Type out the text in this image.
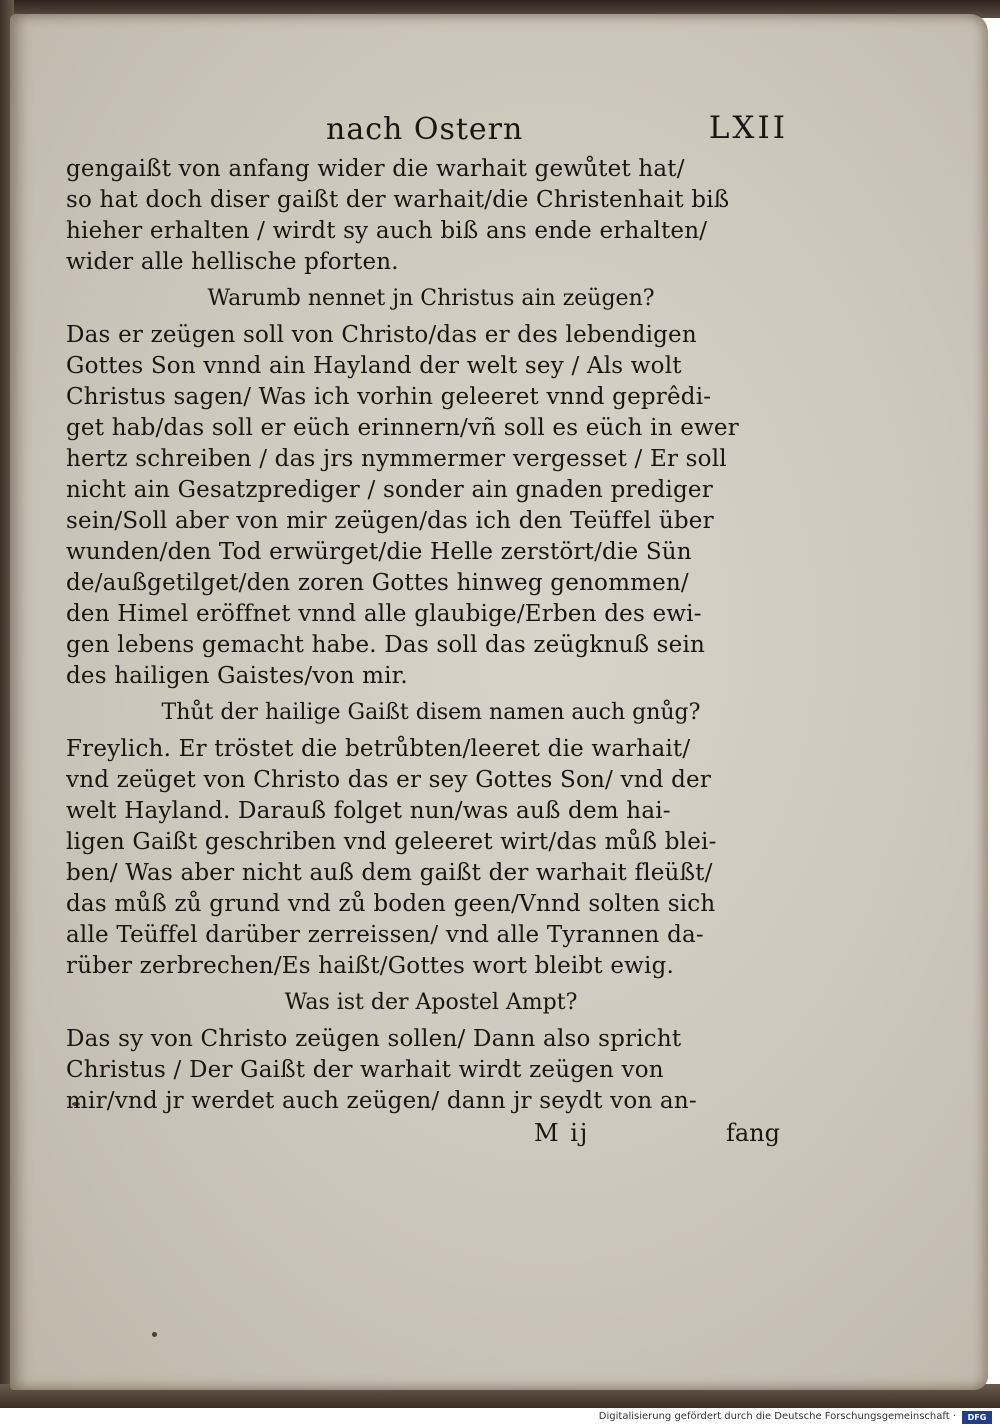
nach Ostern	LXII
gengaißt von anfang wider die warhait gewůtet hat/
so hat doch diser gaißt der warhait/die Christenhait biß
hieher erhalten / wirdt sy auch biß ans ende erhalten/
wider alle hellische pforten.
Warumb nennet jn Christus ain zeügen?
Das er zeügen soll von Christo/das er des lebendigen
Gottes Son vnnd ain Hayland der welt sey / Als wolt
Christus sagen/ Was ich vorhin geleeret vnnd geprêdi-
get hab/das soll er eüch erinnern/vñ soll es eüch in ewer
hertz schreiben / das jrs nymmermer vergesset / Er soll
nicht ain Gesatzprediger / sonder ain gnaden prediger
sein/Soll aber von mir zeügen/das ich den Teüffel über
wunden/den Tod erwürget/die Helle zerstört/die Sün
de/außgetilget/den zoren Gottes hinweg genommen/
den Himel eröffnet vnnd alle glaubige/Erben des ewi-
gen lebens gemacht habe. Das soll das zeügknuß sein
des hailigen Gaistes/von mir.
Thůt der hailige Gaißt disem namen auch gnůg?
Freylich. Er tröstet die betrůbten/leeret die warhait/
vnd zeüget von Christo das er sey Gottes Son/ vnd der
welt Hayland. Darauß folget nun/was auß dem hai-
ligen Gaißt geschriben vnd geleeret wirt/das můß blei-
ben/ Was aber nicht auß dem gaißt der warhait fleüßt/
das můß zů grund vnd zů boden geen/Vnnd solten sich
alle Teüffel darüber zerreissen/ vnd alle Tyrannen da-
rüber zerbrechen/Es haißt/Gottes wort bleibt ewig.
Was ist der Apostel Ampt?
Das sy von Christo zeügen sollen/ Dann also spricht
Christus / Der Gaißt der warhait wirdt zeügen von
mir/vnd jr werdet auch zeügen/ dann jr seydt von an-
M ij	fang
Digitalisierung gefördert durch die Deutsche Forschungsgemeinschaft ·	DFG
